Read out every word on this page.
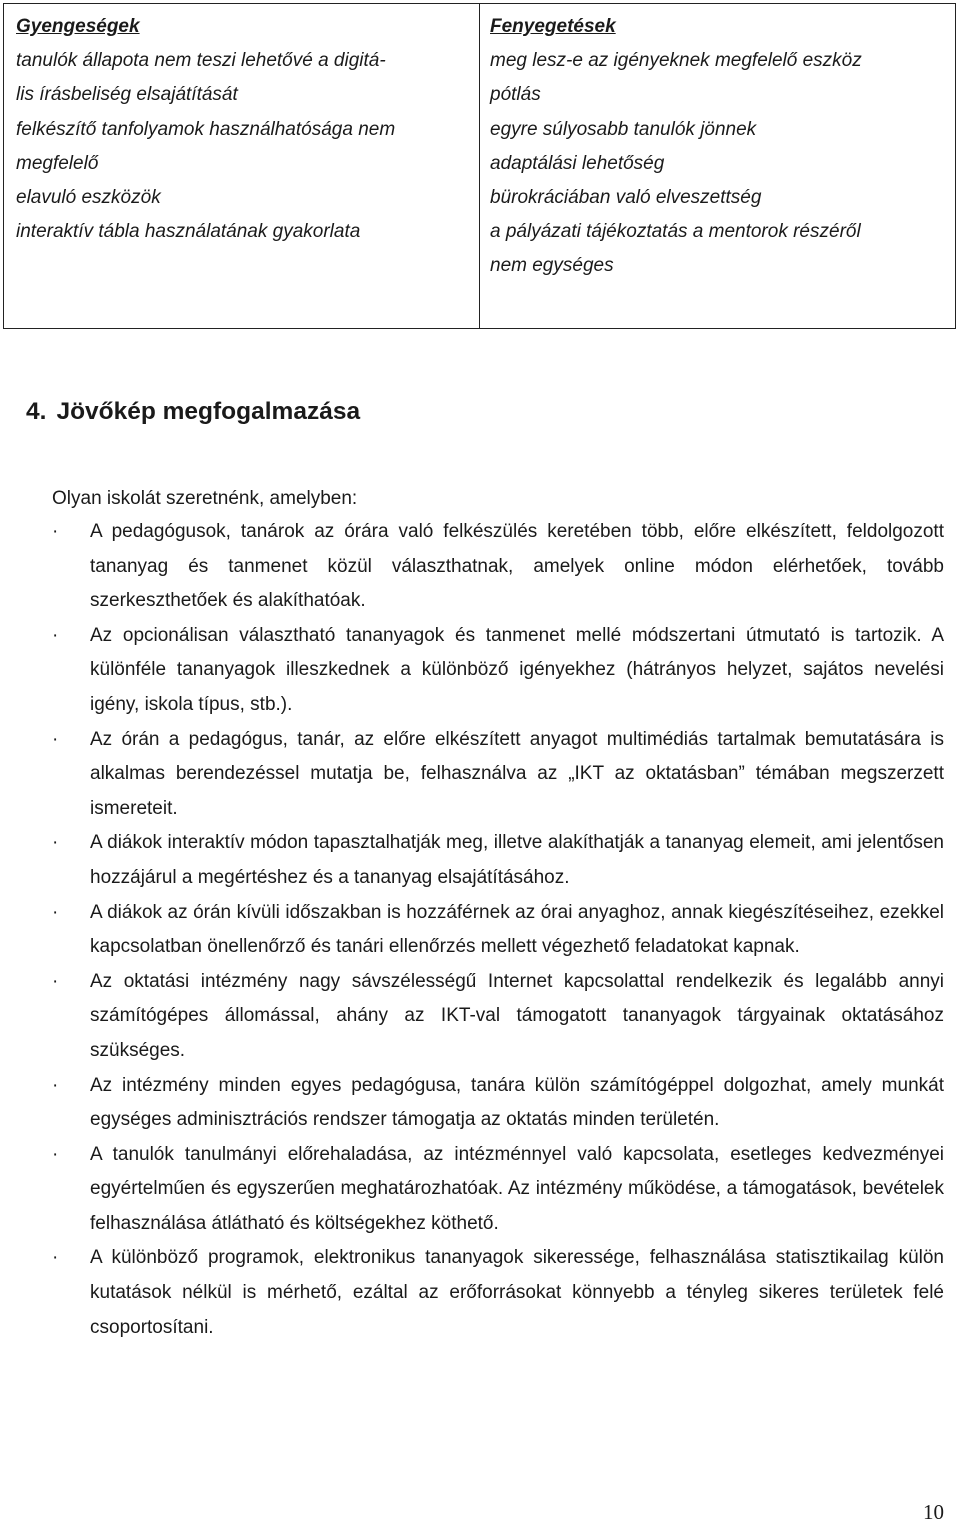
Gyengeségek
tanulók állapota nem teszi lehetővé a digitá-
lis írásbeliség elsajátítását
felkészítő tanfolyamok használhatósága nem
megfelelő
elavuló eszközök
interaktív tábla használatának gyakorlata
Fenyegetések
meg lesz-e az igényeknek megfelelő eszköz
pótlás
egyre súlyosabb tanulók jönnek
adaptálási lehetőség
bürokráciában való elveszettség
a pályázati tájékoztatás a mentorok részéről
nem egységes
4. Jövőkép megfogalmazása

Olyan iskolát szeretnénk, amelyben:

· A pedagógusok, tanárok az órára való felkészülés keretében több, előre elkészített, feldolgozott tananyag és tanmenet közül választhatnak, amelyek online módon elérhetőek, tovább szerkeszthetőek és alakíthatóak.
· Az opcionálisan választható tananyagok és tanmenet mellé módszertani útmutató is tartozik. A különféle tananyagok illeszkednek a különböző igényekhez (hátrányos helyzet, sajátos nevelési igény, iskola típus, stb.).
· Az órán a pedagógus, tanár, az előre elkészített anyagot multimédiás tartalmak bemutatására is alkalmas berendezéssel mutatja be, felhasználva az „IKT az oktatásban” témában megszerzett ismereteit.
· A diákok interaktív módon tapasztalhatják meg, illetve alakíthatják a tananyag elemeit, ami jelentősen hozzájárul a megértéshez és a tananyag elsajátításához.
· A diákok az órán kívüli időszakban is hozzáférnek az órai anyaghoz, annak kiegészítéseihez, ezekkel kapcsolatban önellenőrző és tanári ellenőrzés mellett végezhető feladatokat kapnak.
· Az oktatási intézmény nagy sávszélességű Internet kapcsolattal rendelkezik és legalább annyi számítógépes állomással, ahány az IKT-val támogatott tananyagok tárgyainak oktatásához szükséges.
· Az intézmény minden egyes pedagógusa, tanára külön számítógéppel dolgozhat, amely munkát egységes adminisztrációs rendszer támogatja az oktatás minden területén.
· A tanulók tanulmányi előrehaladása, az intézménnyel való kapcsolata, esetleges kedvezményei egyértelműen és egyszerűen meghatározhatóak. Az intézmény működése, a támogatások, bevételek felhasználása átlátható és költségekhez köthető.
· A különböző programok, elektronikus tananyagok sikeressége, felhasználása statisztikailag külön kutatások nélkül is mérhető, ezáltal az erőforrásokat könnyebb a tényleg sikeres területek felé csoportosítani.

10
